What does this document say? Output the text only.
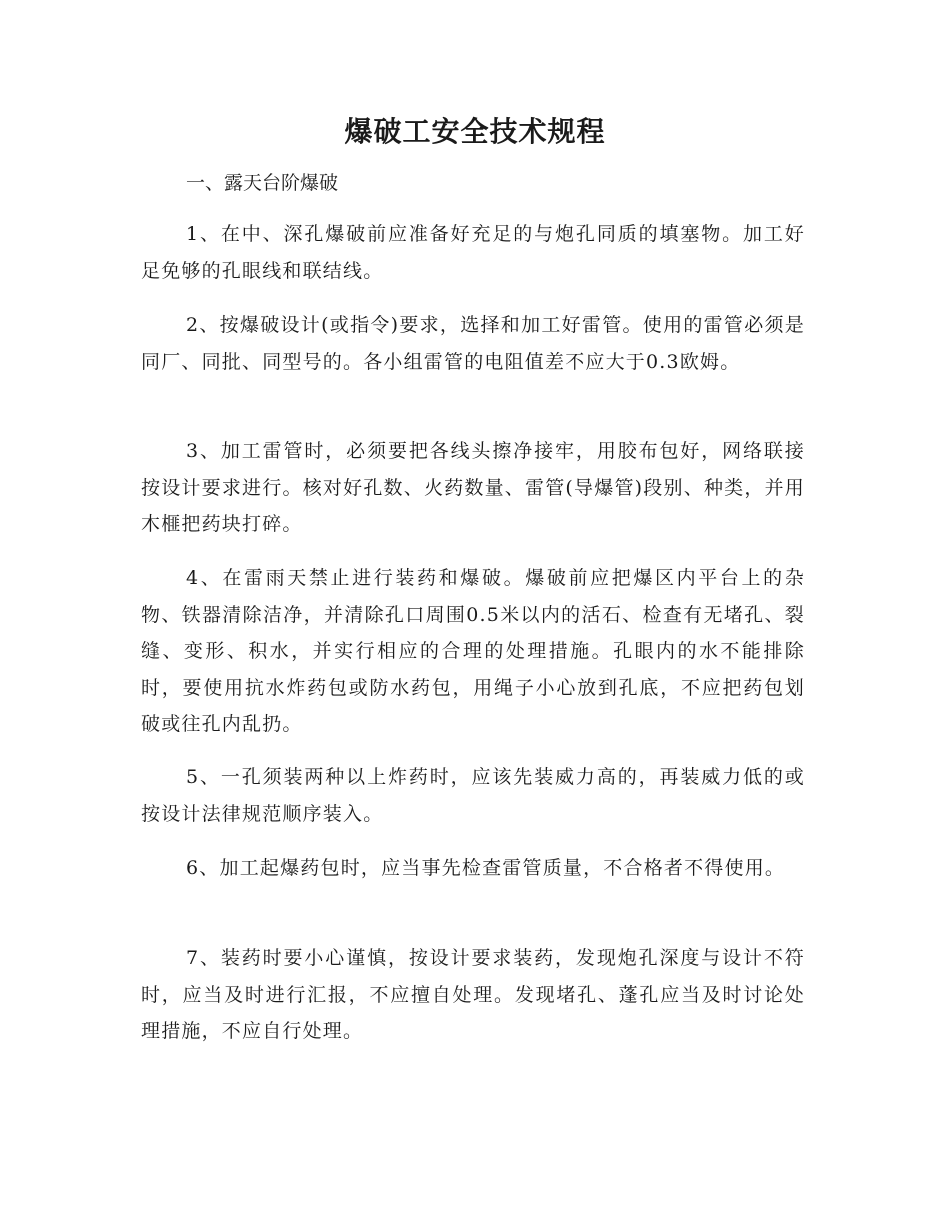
爆破工安全技术规程

一、露天台阶爆破

1、在中、深孔爆破前应准备好充足的与炮孔同质的填塞物。加工好足免够的孔眼线和联结线。

2、按爆破设计(或指令)要求，选择和加工好雷管。使用的雷管必须是同厂、同批、同型号的。各小组雷管的电阻值差不应大于0.3欧姆。

3、加工雷管时，必须要把各线头擦净接牢，用胶布包好，网络联接按设计要求进行。核对好孔数、火药数量、雷管(导爆管)段别、种类，并用木榧把药块打碎。

4、在雷雨天禁止进行装药和爆破。爆破前应把爆区内平台上的杂物、铁器清除洁净，并清除孔口周围0.5米以内的活石、检查有无堵孔、裂缝、变形、积水，并实行相应的合理的处理措施。孔眼内的水不能排除时，要使用抗水炸药包或防水药包，用绳子小心放到孔底，不应把药包划破或往孔内乱扔。

5、一孔须装两种以上炸药时，应该先装威力高的，再装威力低的或按设计法律规范顺序装入。

6、加工起爆药包时，应当事先检查雷管质量，不合格者不得使用。

7、装药时要小心谨慎，按设计要求装药，发现炮孔深度与设计不符时，应当及时进行汇报，不应擅自处理。发现堵孔、蓬孔应当及时讨论处理措施，不应自行处理。
